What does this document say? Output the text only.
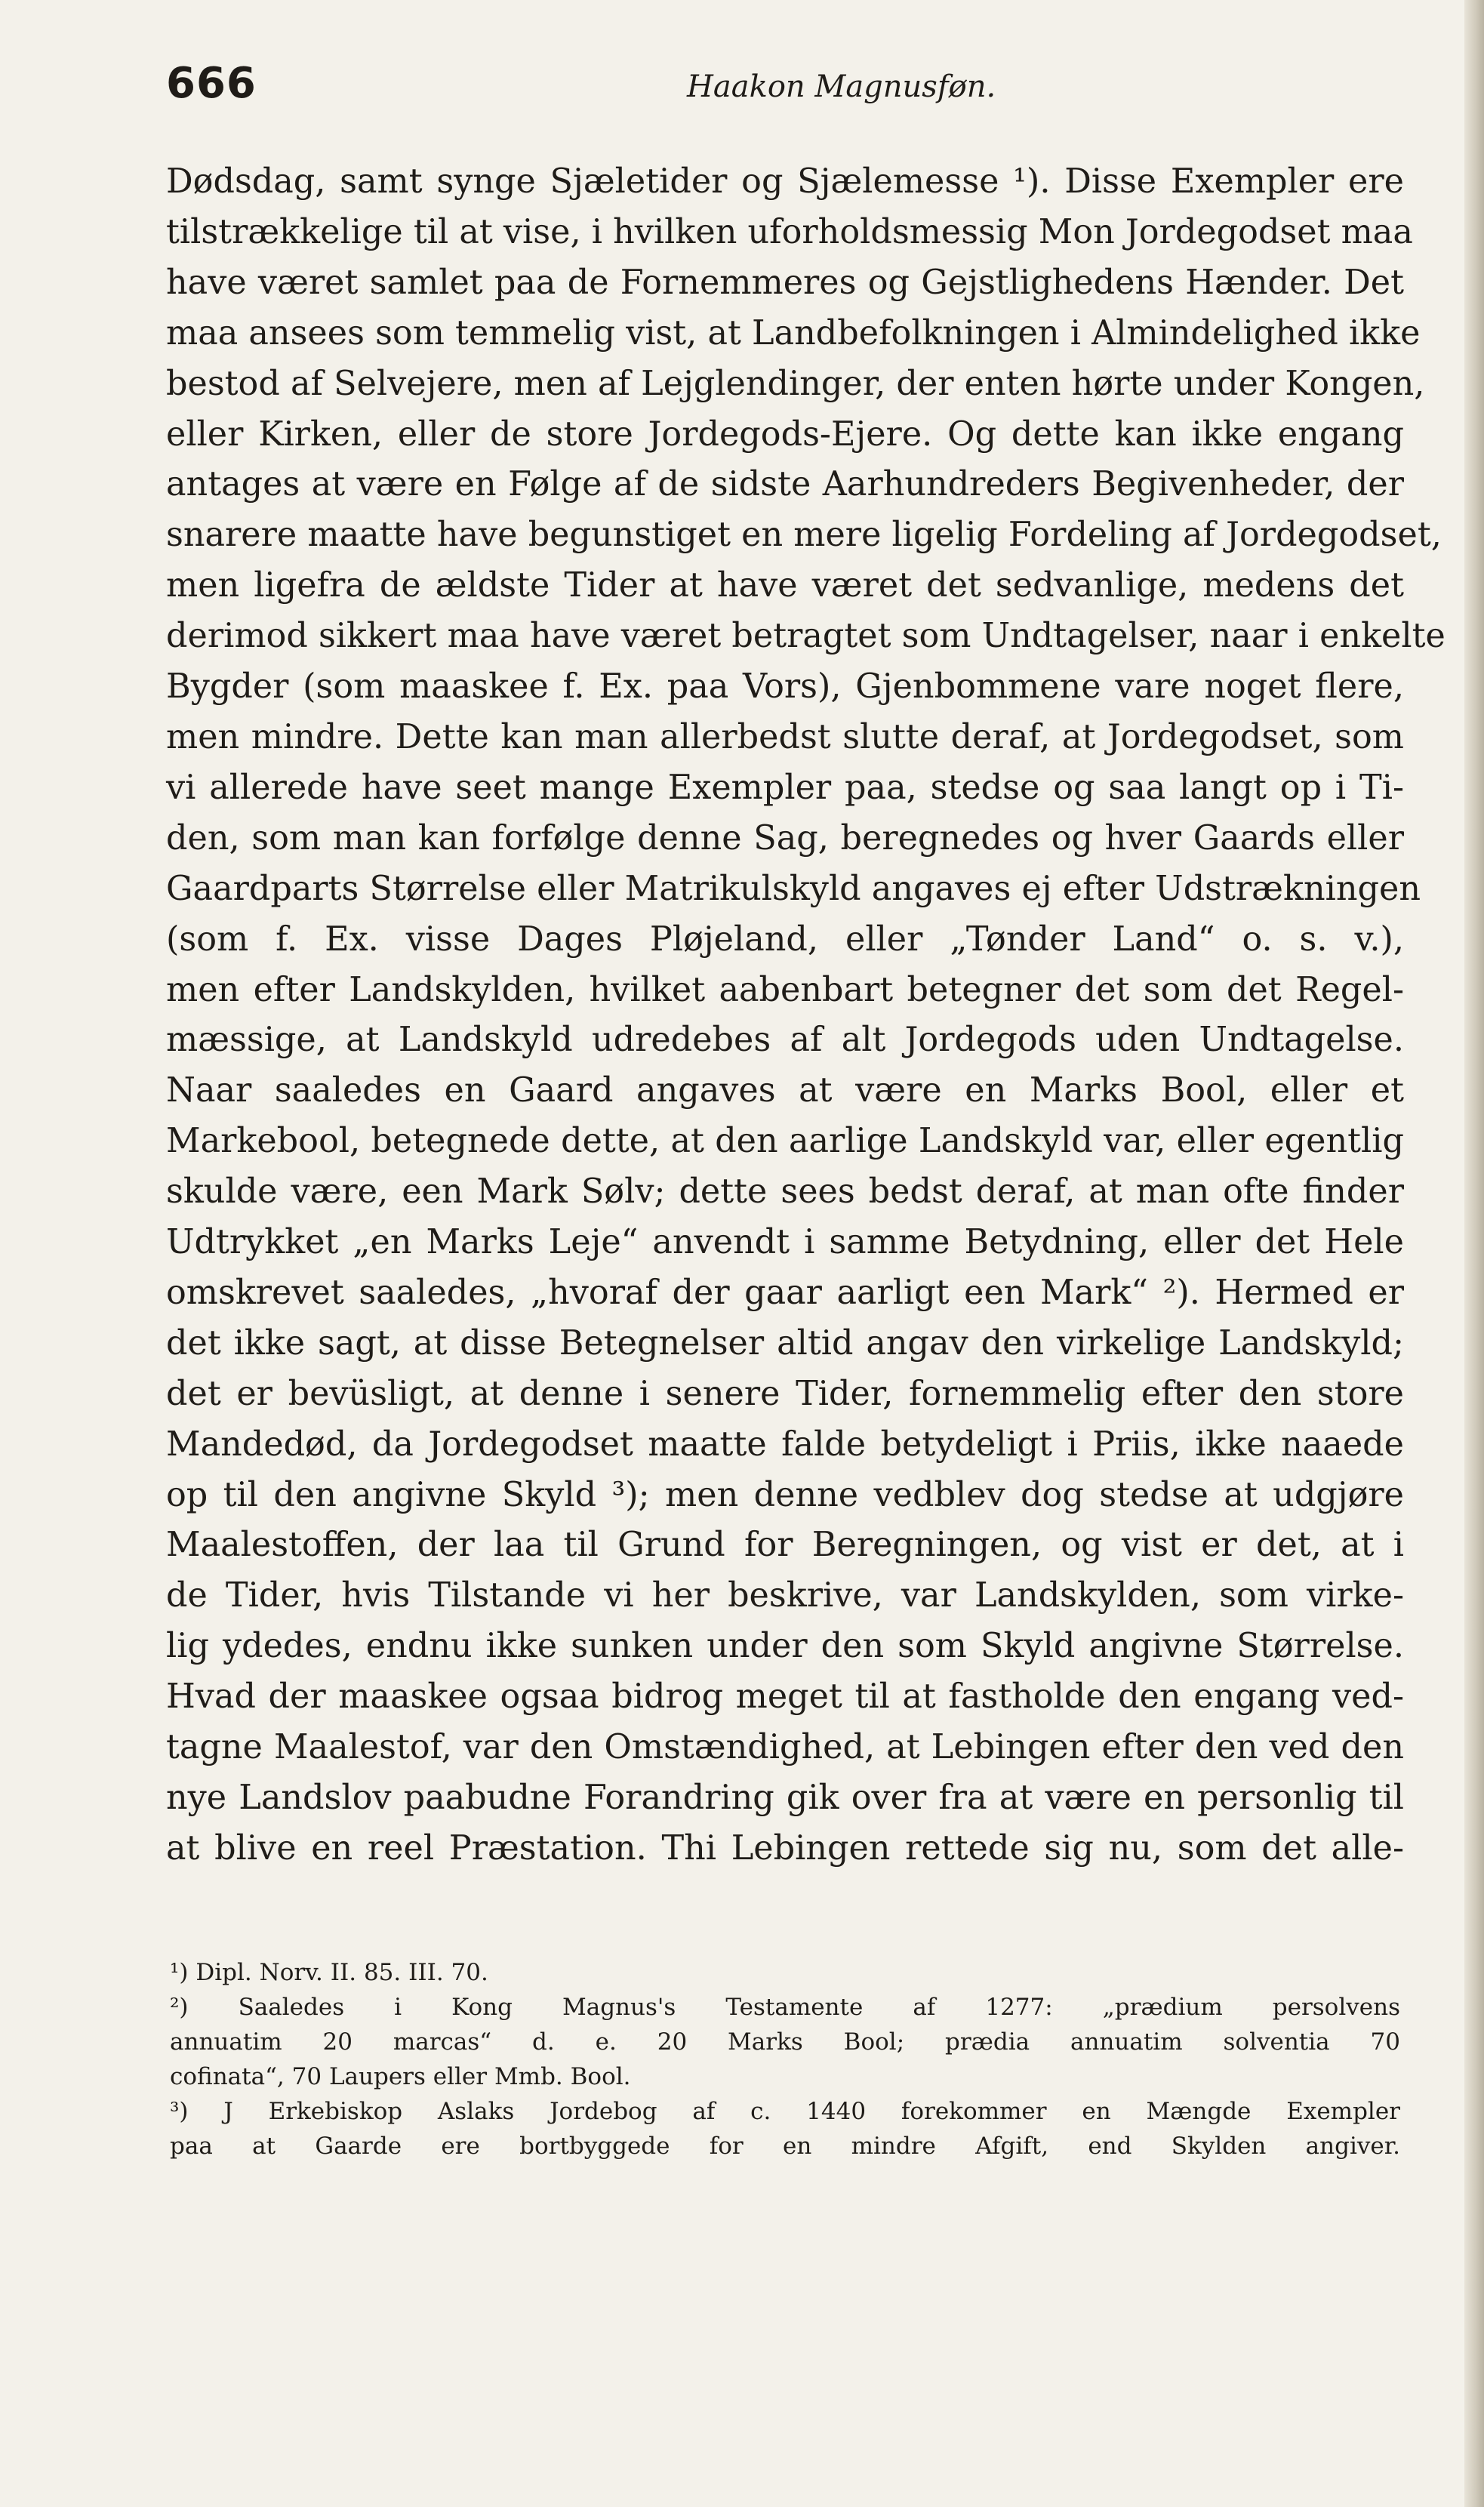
666	Haakon Magnusføn.
Dødsdag, samt synge Sjæletider og Sjælemesse ¹). Disse Exempler ere
tilstrækkelige til at vise, i hvilken uforholdsmessig Mon Jordegodset maa
have været samlet paa de Fornemmeres og Gejstlighedens Hænder. Det
maa ansees som temmelig vist, at Landbefolkningen i Almindelighed ikke
bestod af Selvejere, men af Lejglendinger, der enten hørte under Kongen,
eller Kirken, eller de store Jordegods-Ejere. Og dette kan ikke engang
antages at være en Følge af de sidste Aarhundreders Begivenheder, der
snarere maatte have begunstiget en mere ligelig Fordeling af Jordegodset,
men ligefra de ældste Tider at have været det sedvanlige, medens det
derimod sikkert maa have været betragtet som Undtagelser, naar i enkelte
Bygder (som maaskee f. Ex. paa Vors), Gjenbommene vare noget flere,
men mindre. Dette kan man allerbedst slutte deraf, at Jordegodset, som
vi allerede have seet mange Exempler paa, stedse og saa langt op i Ti-
den, som man kan forfølge denne Sag, beregnedes og hver Gaards eller
Gaardparts Størrelse eller Matrikulskyld angaves ej efter Udstrækningen
(som f. Ex. visse Dages Pløjeland, eller „Tønder Land“ o. s. v.),
men efter Landskylden, hvilket aabenbart betegner det som det Regel-
mæssige, at Landskyld udredebes af alt Jordegods uden Undtagelse.
Naar saaledes en Gaard angaves at være en Marks Bool, eller et
Markebool, betegnede dette, at den aarlige Landskyld var, eller egentlig
skulde være, een Mark Sølv; dette sees bedst deraf, at man ofte finder
Udtrykket „en Marks Leje“ anvendt i samme Betydning, eller det Hele
omskrevet saaledes, „hvoraf der gaar aarligt een Mark“ ²). Hermed er
det ikke sagt, at disse Betegnelser altid angav den virkelige Landskyld;
det er bevüsligt, at denne i senere Tider, fornemmelig efter den store
Mandedød, da Jordegodset maatte falde betydeligt i Priis, ikke naaede
op til den angivne Skyld ³); men denne vedblev dog stedse at udgjøre
Maalestoffen, der laa til Grund for Beregningen, og vist er det, at i
de Tider, hvis Tilstande vi her beskrive, var Landskylden, som virke-
lig ydedes, endnu ikke sunken under den som Skyld angivne Størrelse.
Hvad der maaskee ogsaa bidrog meget til at fastholde den engang ved-
tagne Maalestof, var den Omstændighed, at Lebingen efter den ved den
nye Landslov paabudne Forandring gik over fra at være en personlig til
at blive en reel Præstation. Thi Lebingen rettede sig nu, som det alle-
¹) Dipl. Norv. II. 85. III. 70.
²) Saaledes i Kong Magnus's Testamente af 1277: „prædium persolvens
annuatim 20 marcas“ d. e. 20 Marks Bool; prædia annuatim solventia 70
cofinata“, 70 Laupers eller Mmb. Bool.
³) J Erkebiskop Aslaks Jordebog af c. 1440 forekommer en Mængde Exempler
paa at Gaarde ere bortbyggede for en mindre Afgift, end Skylden angiver.
